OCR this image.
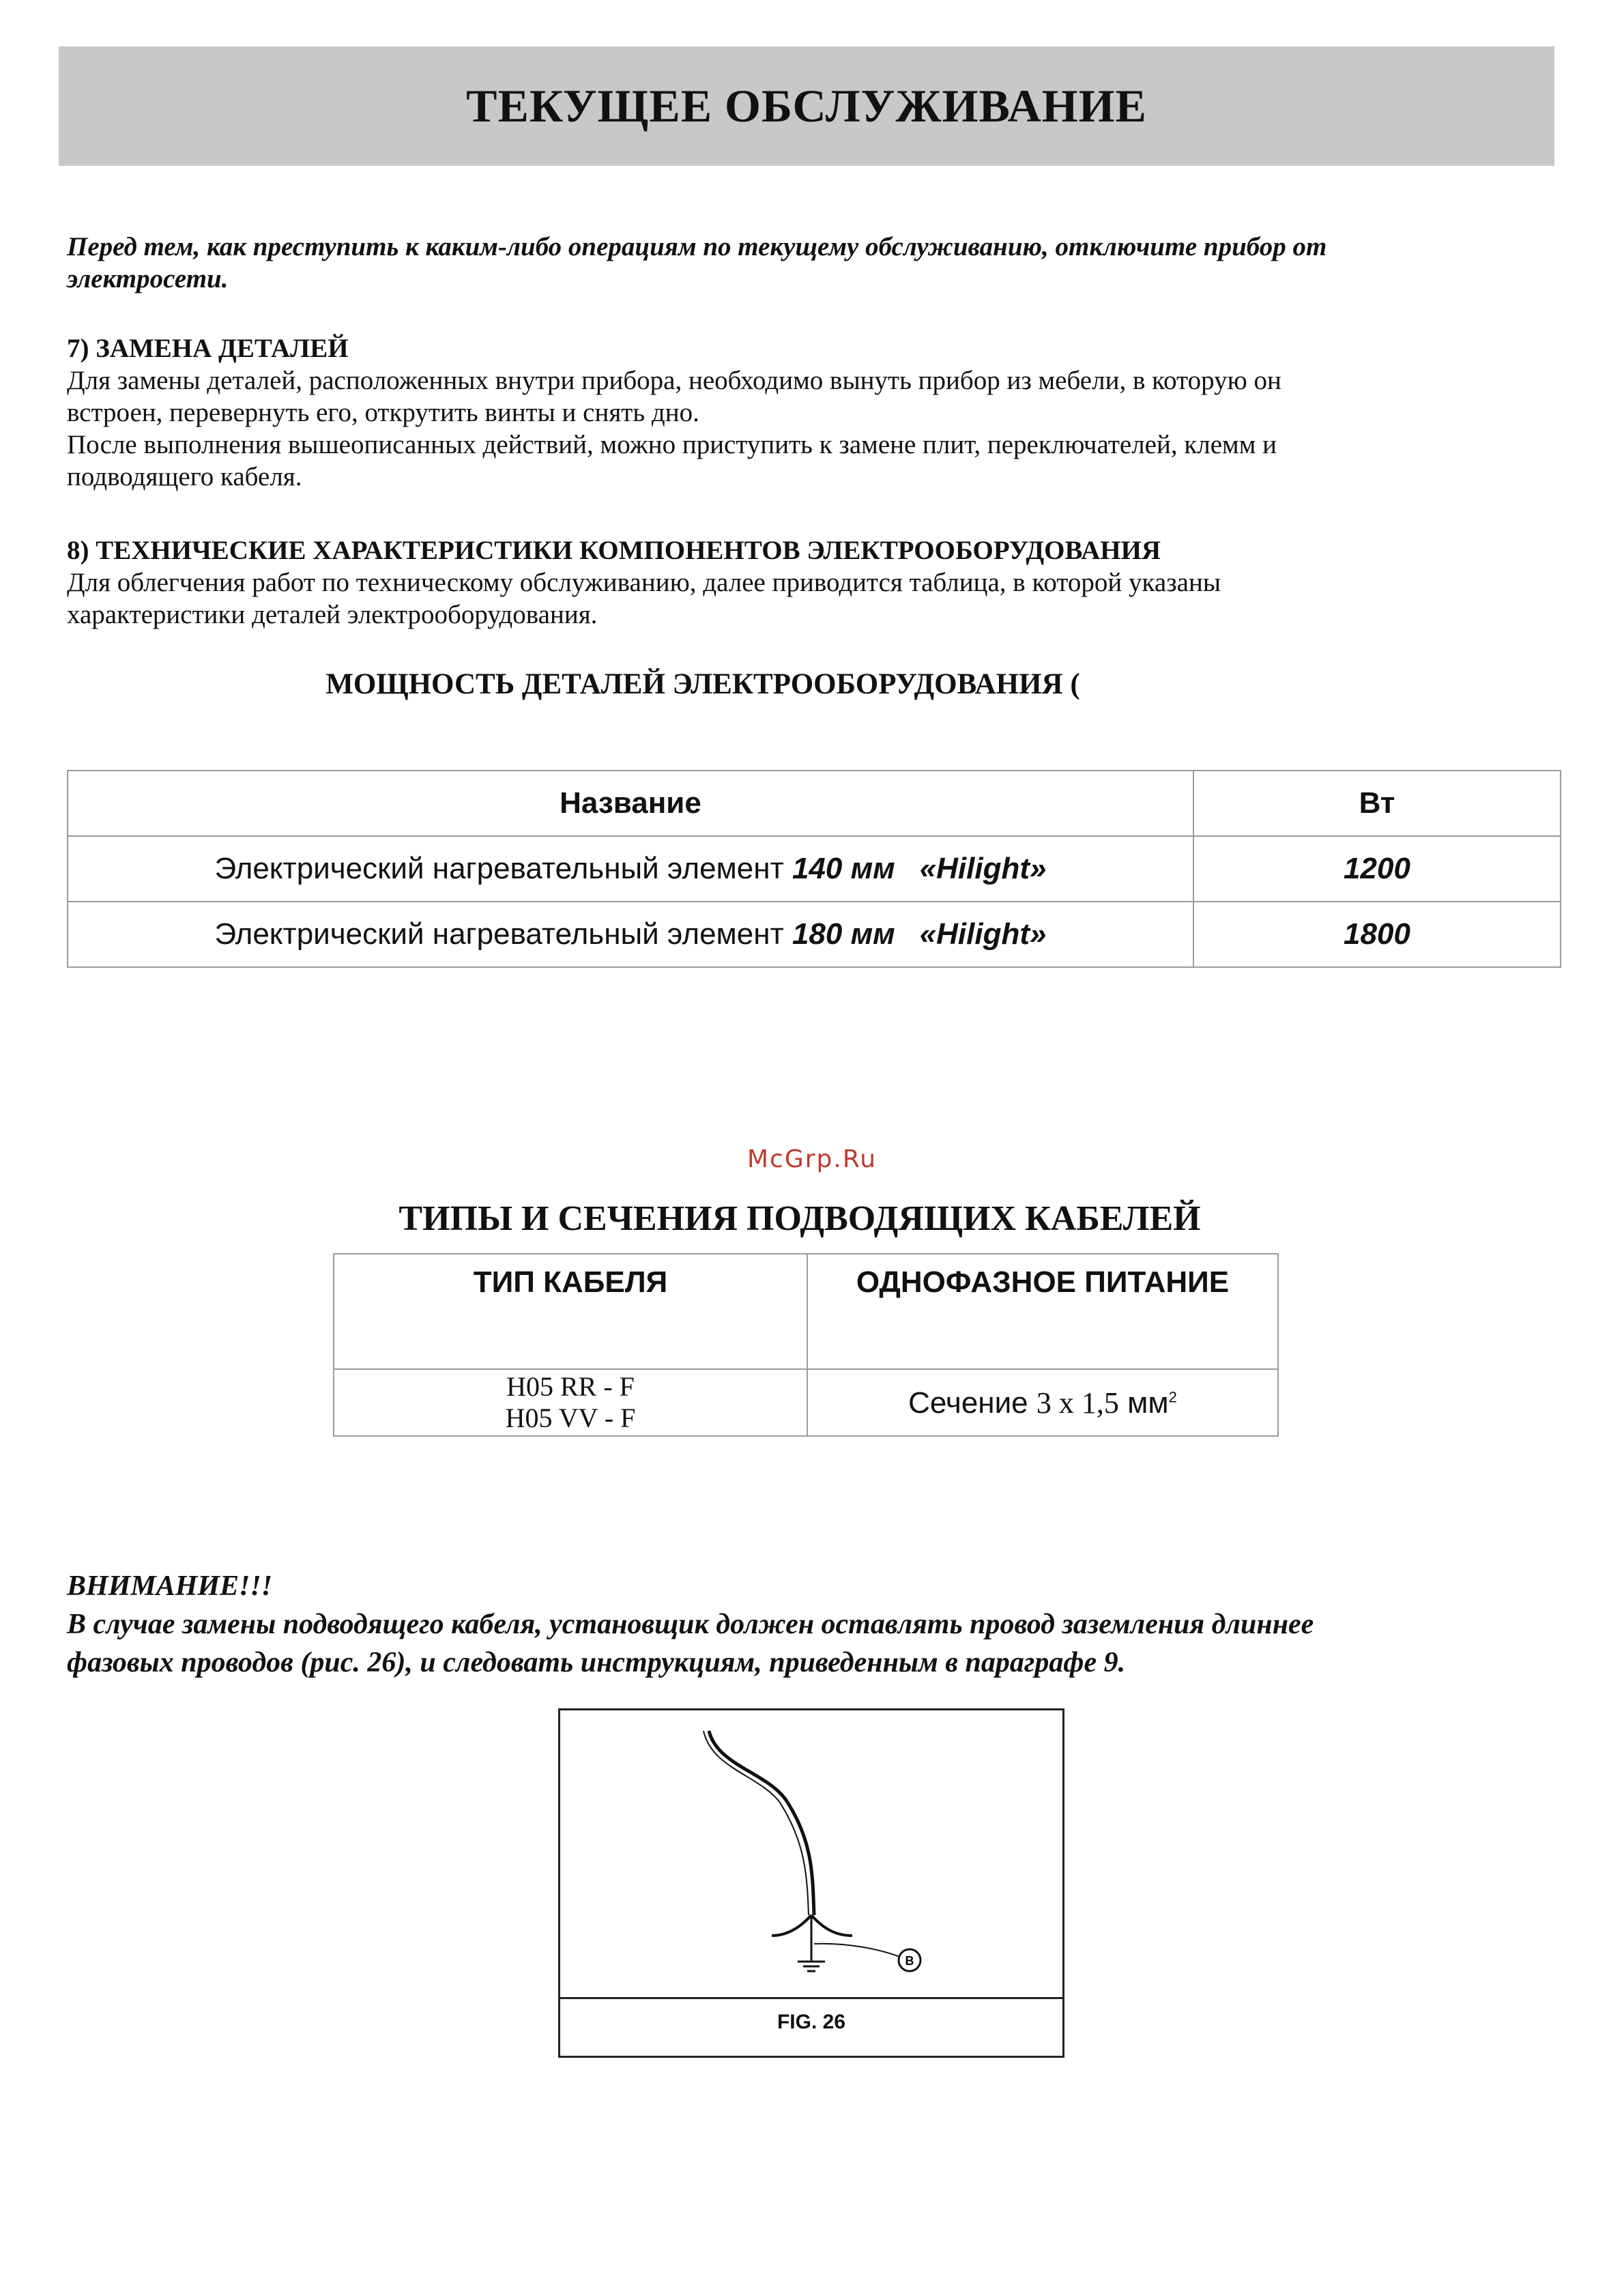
ТЕКУЩЕЕ ОБСЛУЖИВАНИЕ
Перед тем, как преступить к каким-либо операциям по текущему обслуживанию, отключите прибор от
электросети.
7) ЗАМЕНА ДЕТАЛЕЙ
Для замены деталей, расположенных внутри прибора, необходимо вынуть прибор из мебели, в которую он
встроен, перевернуть его, открутить винты и снять дно.
После выполнения вышеописанных действий, можно приступить к замене плит, переключателей, клемм и
подводящего кабеля.
8) ТЕХНИЧЕСКИЕ ХАРАКТЕРИСТИКИ КОМПОНЕНТОВ ЭЛЕКТРООБОРУДОВАНИЯ
Для облегчения работ по техническому обслуживанию, далее приводится таблица, в которой указаны
характеристики деталей электрооборудования.
МОЩНОСТЬ ДЕТАЛЕЙ ЭЛЕКТРООБОРУДОВАНИЯ (
Название	Вт
Электрический нагревательный элемент 140 мм «Hilight»	1200
Электрический нагревательный элемент 180 мм «Hilight»	1800
McGrp.Ru
ТИПЫ И СЕЧЕНИЯ ПОДВОДЯЩИХ КАБЕЛЕЙ
ТИП КАБЕЛЯ	ОДНОФАЗНОЕ ПИТАНИЕ

H05 RR - F
H05 VV - F	Сечение 3 x 1,5 $мм^2$
ВНИМАНИЕ!!!
В случае замены подводящего кабеля, установщик должен оставлять провод заземления длиннее
фазовых проводов (рис. 26), и следовать инструкциям, приведенным в параграфе 9.
B
FIG. 26
